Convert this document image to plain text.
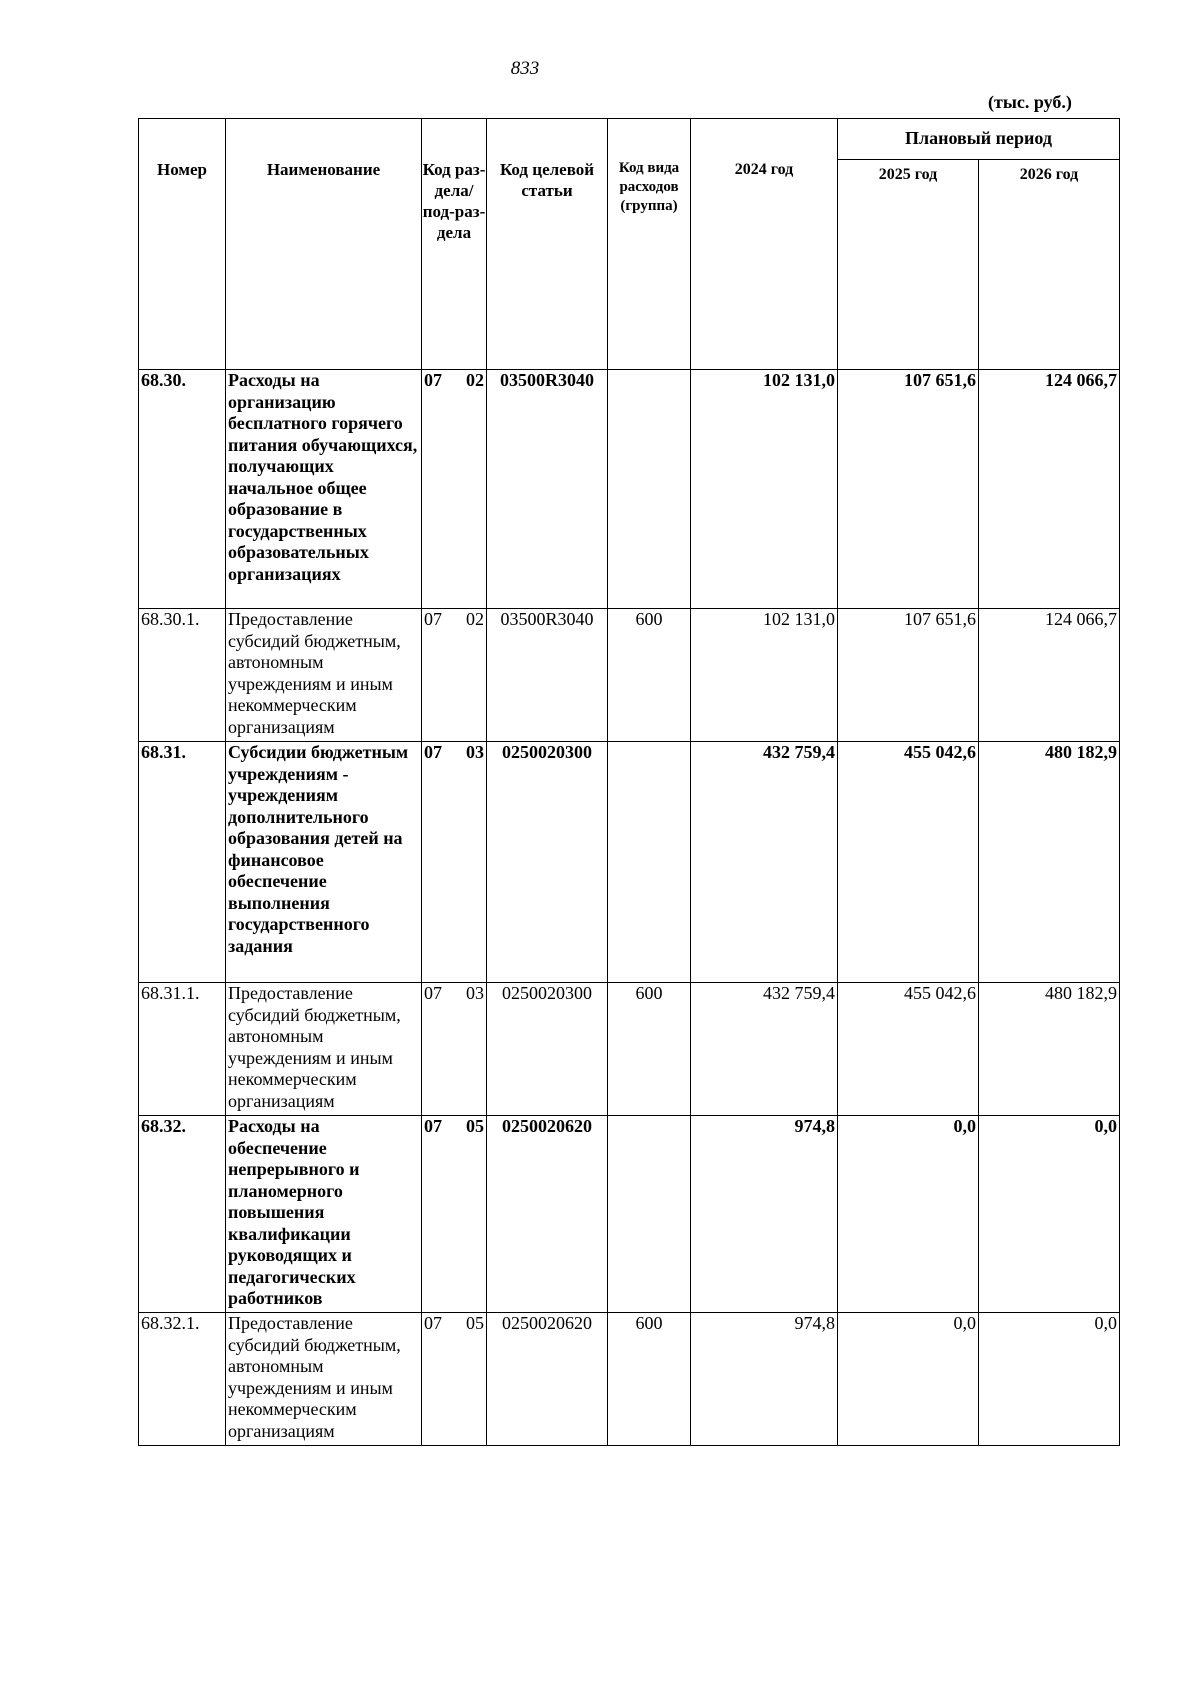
833
(тыс. руб.)
Номер	Наименование	Код раз-дела/ под-раз-дела	Код целевой статьи	Код вида расходов (группа)	2024 год	Плановый период	
						2025 год	2026 год
68.30.	Расходы на организацию бесплатного горячего питания обучающихся, получающих начальное общее образование в государственных образовательных организациях	07 02	03500R3040		102 131,0	107 651,6	124 066,7
68.30.1.	Предоставление субсидий бюджетным, автономным учреждениям и иным некоммерческим организациям	07 02	03500R3040	600	102 131,0	107 651,6	124 066,7
68.31.	Субсидии бюджетным учреждениям - учреждениям дополнительного образования детей на финансовое обеспечение выполнения государственного задания	07 03	0250020300		432 759,4	455 042,6	480 182,9
68.31.1.	Предоставление субсидий бюджетным, автономным учреждениям и иным некоммерческим организациям	07 03	0250020300	600	432 759,4	455 042,6	480 182,9
68.32.	Расходы на обеспечение непрерывного и планомерного повышения квалификации руководящих и педагогических работников	07 05	0250020620		974,8	0,0	0,0
68.32.1.	Предоставление субсидий бюджетным, автономным учреждениям и иным некоммерческим организациям	07 05	0250020620	600	974,8	0,0	0,0
